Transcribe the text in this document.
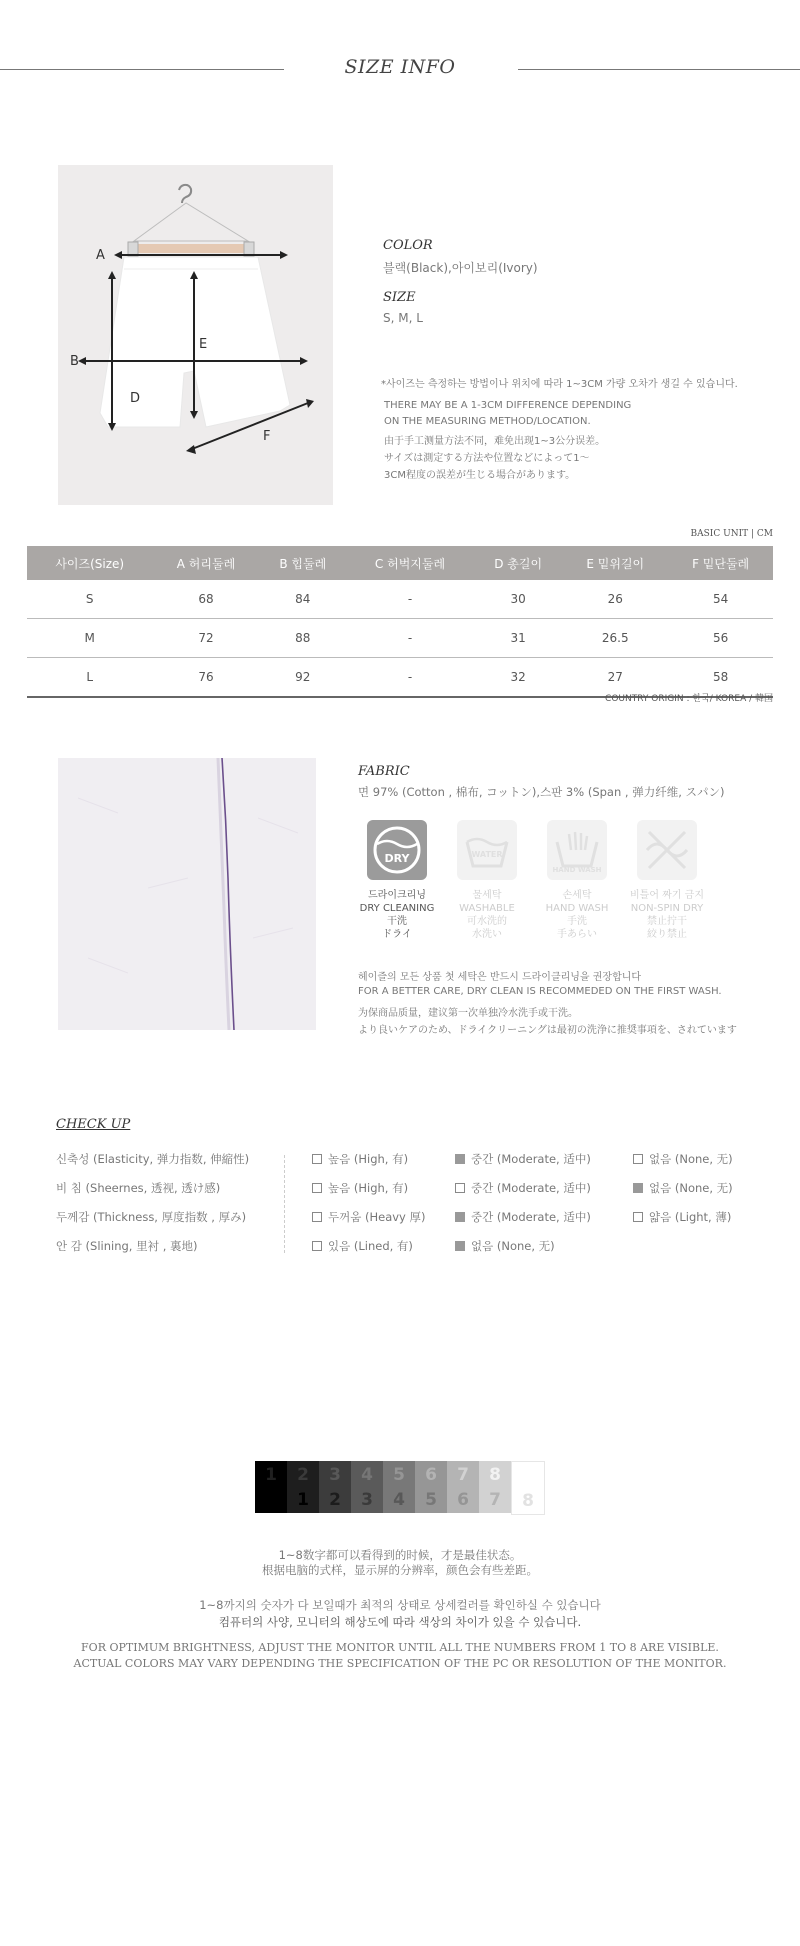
SIZE INFO
A
B
D
E
F
COLOR
블랙(Black),아이보리(Ivory)
SIZE
S, M, L
*사이즈는 측정하는 방법이나 위치에 따라 1~3CM 가량 오차가 생길 수 있습니다.
THERE MAY BE A 1-3CM DIFFERENCE DEPENDING
ON THE MEASURING METHOD/LOCATION.
由于手工测量方法不同，难免出现1~3公分误差。
サイズは測定する方法や位置などによって1～
3CM程度の誤差が生じる場合があります。
BASIC UNIT | CM
사이즈(Size)	A 허리둘레	B 힙둘레	C 허벅지둘레	D 총길이	E 밑위길이	F 밑단둘레
S	68	84	-	30	26	54
M	72	88	-	31	26.5	56
L	76	92	-	32	27	58
COUNTRY ORIGIN : 한국/ KOREA / 韓国
FABRIC
면 97% (Cotton , 棉布, コットン),스판 3% (Span , 弹力纤维, スパン)
DRY	WATER
HAND WASH
드라이크리닝
DRY CLEANING
干洗
ドライ
물세탁
WASHABLE
可水洗的
水洗い
손세탁
HAND WASH
手洗
手あらい
비틀어 짜기 금지
NON-SPIN DRY
禁止拧干
絞り禁止
헤이즐의 모든 상품 첫 세탁은 반드시 드라이클리닝을 권장합니다
FOR A BETTER CARE, DRY CLEAN IS RECOMMEDED ON THE FIRST WASH.
为保商品质量，建议第一次单独冷水洗手或干洗。
より良いケアのため、ドライクリーニングは最初の洗浄に推奨事項を、されています
CHECK UP
신축성 (Elasticity, 弹力指数, 伸縮性)	높음 (High, 有)	중간 (Moderate, 适中)	없음 (None, 无)
비 침 (Sheernes, 透视, 透け感)	높음 (High, 有)	중간 (Moderate, 适中)	없음 (None, 无)
두께감 (Thickness, 厚度指数 , 厚み)	두꺼움 (Heavy 厚)	중간 (Moderate, 适中)	얇음 (Light, 薄)
안 감 (Slining, 里衬 , 裏地)	있음 (Lined, 有)	없음 (None, 无)
1	2
1
3
2
4
3
5
4
6
5
7
6
8
7	8
1~8数字都可以看得到的时候，才是最佳状态。
根据电脑的式样，显示屏的分辨率，颜色会有些差距。
1~8까지의 숫자가 다 보일때가 최적의 상태로 상세컬러를 확인하실 수 있습니다
컴퓨터의 사양, 모니터의 해상도에 따라 색상의 차이가 있을 수 있습니다.
FOR OPTIMUM BRIGHTNESS, ADJUST THE MONITOR UNTIL ALL THE NUMBERS FROM 1 TO 8 ARE VISIBLE.
ACTUAL COLORS MAY VARY DEPENDING THE SPECIFICATION OF THE PC OR RESOLUTION OF THE MONITOR.
